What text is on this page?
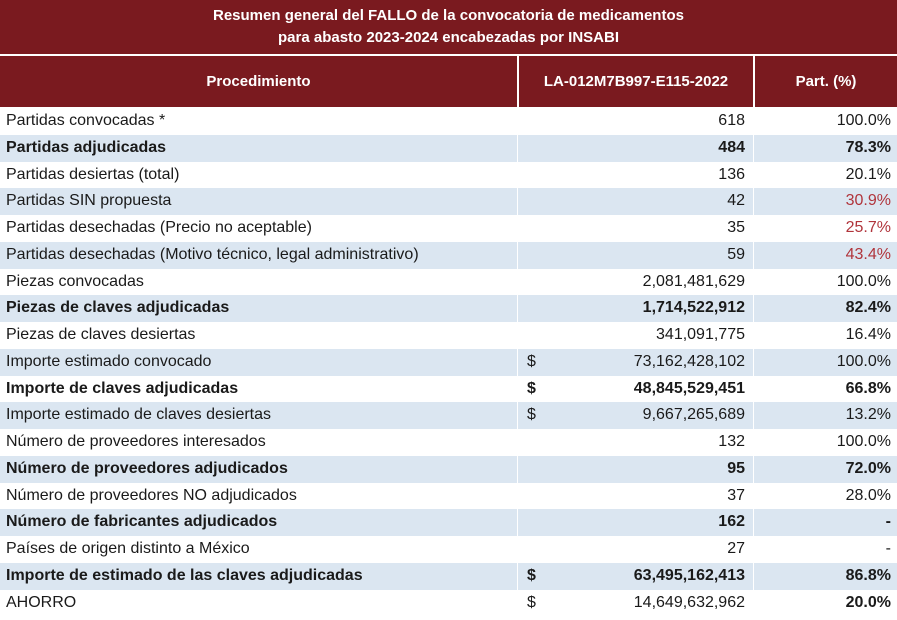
Resumen general del FALLO de la convocatoria de medicamentos
para abasto 2023-2024 encabezadas por INSABI
Procedimiento	LA-012M7B997-E115-2022	Part. (%)
Partidas convocadas *	618	100.0%
Partidas adjudicadas	484	78.3%
Partidas desiertas (total)	136	20.1%
Partidas SIN propuesta	42	30.9%
Partidas desechadas (Precio no aceptable)	35	25.7%
Partidas desechadas (Motivo técnico, legal administrativo)	59	43.4%
Piezas convocadas	2,081,481,629	100.0%
Piezas de claves adjudicadas	1,714,522,912	82.4%
Piezas de claves desiertas	341,091,775	16.4%
Importe estimado convocado	$	73,162,428,102	100.0%
Importe de claves adjudicadas	$	48,845,529,451	66.8%
Importe estimado de claves desiertas	$	9,667,265,689	13.2%
Número de proveedores interesados	132	100.0%
Número de proveedores adjudicados	95	72.0%
Número de proveedores NO adjudicados	37	28.0%
Número de fabricantes adjudicados	162	-
Países de origen distinto a México	27	-
Importe de estimado de las claves adjudicadas	$	63,495,162,413	86.8%
AHORRO	$	14,649,632,962	20.0%
